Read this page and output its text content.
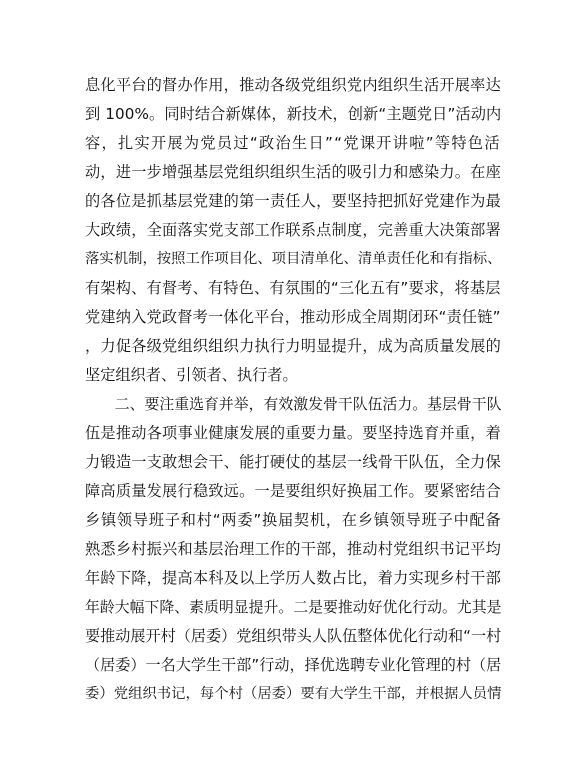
息化平台的督办作用，推动各级党组织党内组织生活开展率达
到 100%。同时结合新媒体，新技术，创新“主题党日”活动内
容，扎实开展为党员过“政治生日”“党课开讲啦”等特色活
动，进一步增强基层党组织组织生活的吸引力和感染力。在座
的各位是抓基层党建的第一责任人，要坚持把抓好党建作为最
大政绩，全面落实党支部工作联系点制度，完善重大决策部署
落实机制，按照工作项目化、项目清单化、清单责任化和有指标、
有架构、有督考、有特色、有氛围的“三化五有”要求，将基层
党建纳入党政督考一体化平台，推动形成全周期闭环“责任链”
，力促各级党组织组织力执行力明显提升，成为高质量发展的
坚定组织者、引领者、执行者。
　　二、要注重选育并举，有效激发骨干队伍活力。基层骨干队
伍是推动各项事业健康发展的重要力量。要坚持选育并重，着
力锻造一支敢想会干、能打硬仗的基层一线骨干队伍，全力保
障高质量发展行稳致远。一是要组织好换届工作。要紧密结合
乡镇领导班子和村“两委”换届契机，在乡镇领导班子中配备
熟悉乡村振兴和基层治理工作的干部，推动村党组织书记平均
年龄下降，提高本科及以上学历人数占比，着力实现乡村干部
年龄大幅下降、素质明显提升。二是要推动好优化行动。尤其是
要推动展开村（居委）党组织带头人队伍整体优化行动和“一村
（居委）一名大学生干部”行动，择优选聘专业化管理的村（居
委）党组织书记，每个村（居委）要有大学生干部，并根据人员情
